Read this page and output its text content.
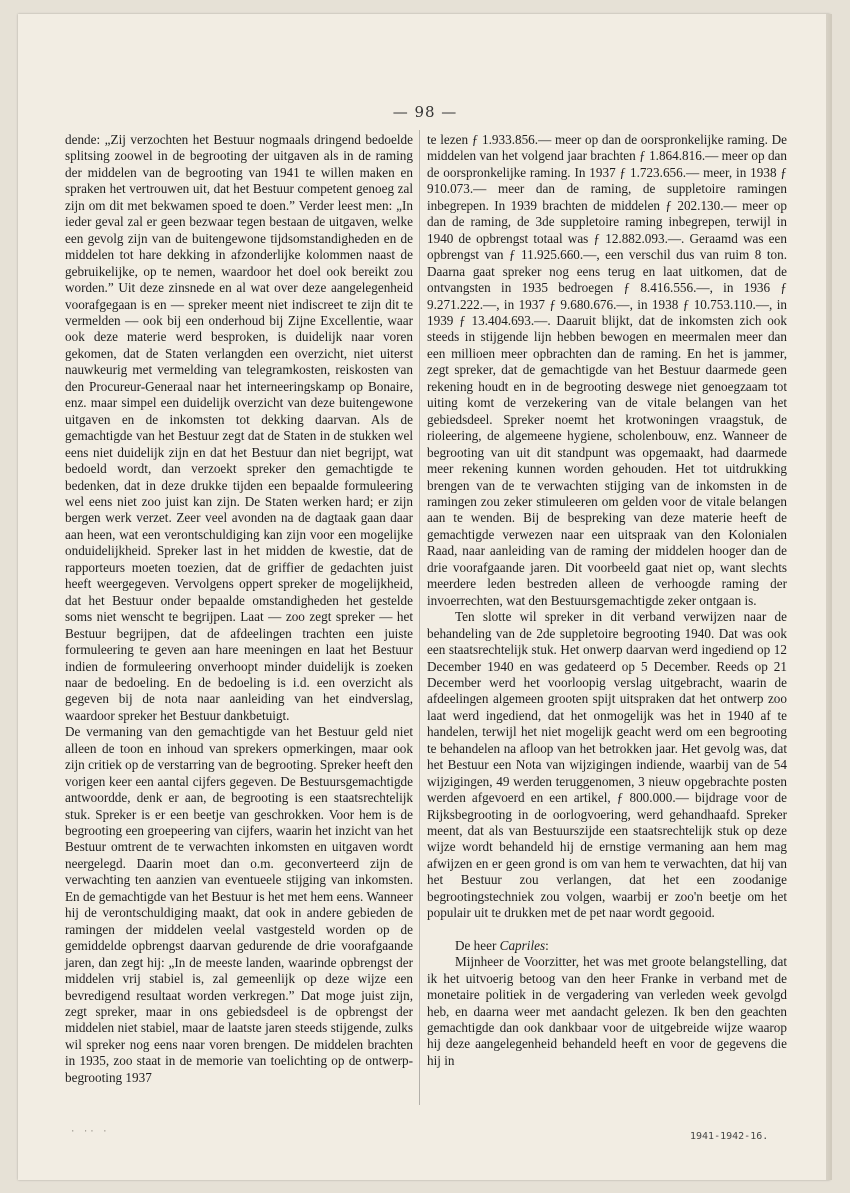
— 98 —

dende: „Zij verzochten het Bestuur nogmaals dringend bedoelde splitsing zoowel in de begrooting der uitgaven als in de raming der middelen van de begrooting van 1941 te willen maken en spraken het vertrouwen uit, dat het Bestuur competent genoeg zal zijn om dit met bekwamen spoed te doen.” Verder leest men: „In ieder geval zal er geen bezwaar tegen bestaan de uitgaven, welke een gevolg zijn van de buitengewone tijdsomstandigheden en de middelen tot hare dekking in afzonderlijke kolommen naast de gebruikelijke, op te nemen, waardoor het doel ook bereikt zou worden.” Uit deze zinsnede en al wat over deze aangelegenheid voorafgegaan is en — spreker meent niet indiscreet te zijn dit te vermelden — ook bij een onderhoud bij Zijne Excellentie, waar ook deze materie werd besproken, is duidelijk naar voren gekomen, dat de Staten verlangden een overzicht, niet uiterst nauwkeurig met vermelding van telegramkosten, reiskosten van den Procureur-Generaal naar het interneeringskamp op Bonaire, enz. maar simpel een duidelijk overzicht van deze buitengewone uitgaven en de inkomsten tot dekking daarvan. Als de gemachtigde van het Bestuur zegt dat de Staten in de stukken wel eens niet duidelijk zijn en dat het Bestuur dan niet begrijpt, wat bedoeld wordt, dan verzoekt spreker den gemachtigde te bedenken, dat in deze drukke tijden een bepaalde formuleering wel eens niet zoo juist kan zijn. De Staten werken hard; er zijn bergen werk verzet. Zeer veel avonden na de dagtaak gaan daar aan heen, wat een verontschuldiging kan zijn voor een mogelijke onduidelijkheid. Spreker last in het midden de kwestie, dat de rapporteurs moeten toezien, dat de griffier de gedachten juist heeft weergegeven. Vervolgens oppert spreker de mogelijkheid, dat het Bestuur onder bepaalde omstandigheden het gestelde soms niet wenscht te begrijpen. Laat — zoo zegt spreker — het Bestuur begrijpen, dat de afdeelingen trachten een juiste formuleering te geven aan hare meeningen en laat het Bestuur indien de formuleering onverhoopt minder duidelijk is zoeken naar de bedoeling. En de bedoeling is i.d. een overzicht als gegeven bij de nota naar aanleiding van het eindverslag, waardoor spreker het Bestuur dankbetuigt.

De vermaning van den gemachtigde van het Bestuur geld niet alleen de toon en inhoud van sprekers opmerkingen, maar ook zijn critiek op de verstarring van de begrooting. Spreker heeft den vorigen keer een aantal cijfers gegeven. De Bestuursgemachtigde antwoordde, denk er aan, de begrooting is een staatsrechtelijk stuk. Spreker is er een beetje van geschrokken. Voor hem is de begrooting een groepeering van cijfers, waarin het inzicht van het Bestuur omtrent de te verwachten inkomsten en uitgaven wordt neergelegd. Daarin moet dan o.m. geconverteerd zijn de verwachting ten aanzien van eventueele stijging van inkomsten. En de gemachtigde van het Bestuur is het met hem eens. Wanneer hij de verontschuldiging maakt, dat ook in andere gebieden de ramingen der middelen veelal vastgesteld worden op de gemiddelde opbrengst daarvan gedurende de drie voorafgaande jaren, dan zegt hij: „In de meeste landen, waarinde opbrengst der middelen vrij stabiel is, zal gemeenlijk op deze wijze een bevredigend resultaat worden verkregen.” Dat moge juist zijn, zegt spreker, maar in ons gebiedsdeel is de opbrengst der middelen niet stabiel, maar de laatste jaren steeds stijgende, zulks wil spreker nog eens naar voren brengen. De middelen brachten in 1935, zoo staat in de memorie van toelichting op de ontwerp-begrooting 1937

te lezen ƒ 1.933.856.— meer op dan de oorspronkelijke raming. De middelen van het volgend jaar brachten ƒ 1.864.816.— meer op dan de oorspronkelijke raming. In 1937 ƒ 1.723.656.— meer, in 1938 ƒ 910.073.— meer dan de raming, de suppletoire ramingen inbegrepen. In 1939 brachten de middelen ƒ 202.130.— meer op dan de raming, de 3de suppletoire raming inbegrepen, terwijl in 1940 de opbrengst totaal was ƒ 12.882.093.—. Geraamd was een opbrengst van ƒ 11.925.660.—, een verschil dus van ruim 8 ton. Daarna gaat spreker nog eens terug en laat uitkomen, dat de ontvangsten in 1935 bedroegen ƒ 8.416.556.—, in 1936 ƒ 9.271.222.—, in 1937 ƒ 9.680.676.—, in 1938 ƒ 10.753.110.—, in 1939 ƒ 13.404.693.—. Daaruit blijkt, dat de inkomsten zich ook steeds in stijgende lijn hebben bewogen en meermalen meer dan een millioen meer opbrachten dan de raming. En het is jammer, zegt spreker, dat de gemachtigde van het Bestuur daarmede geen rekening houdt en in de begrooting deswege niet genoegzaam tot uiting komt de verzekering van de vitale belangen van het gebiedsdeel. Spreker noemt het krotwoningen vraagstuk, de rioleering, de algemeene hygiene, scholenbouw, enz. Wanneer de begrooting van uit dit standpunt was opgemaakt, had daarmede meer rekening kunnen worden gehouden. Het tot uitdrukking brengen van de te verwachten stijging van de inkomsten in de ramingen zou zeker stimuleeren om gelden voor de vitale belangen aan te wenden. Bij de bespreking van deze materie heeft de gemachtigde verwezen naar een uitspraak van den Kolonialen Raad, naar aanleiding van de raming der middelen hooger dan de drie voorafgaande jaren. Dit voorbeeld gaat niet op, want slechts meerdere leden bestreden alleen de verhoogde raming der invoerrechten, wat den Bestuursgemachtigde zeker ontgaan is.

Ten slotte wil spreker in dit verband verwijzen naar de behandeling van de 2de suppletoire begrooting 1940. Dat was ook een staatsrechtelijk stuk. Het onwerp daarvan werd ingediend op 12 December 1940 en was gedateerd op 5 December. Reeds op 21 December werd het voorloopig verslag uitgebracht, waarin de afdeelingen algemeen grooten spijt uitspraken dat het ontwerp zoo laat werd ingediend, dat het onmogelijk was het in 1940 af te handelen, terwijl het niet mogelijk geacht werd om een begrooting te behandelen na afloop van het betrokken jaar. Het gevolg was, dat het Bestuur een Nota van wijzigingen indiende, waarbij van de 54 wijzigingen, 49 werden teruggenomen, 3 nieuw opgebrachte posten werden afgevoerd en een artikel, ƒ 800.000.— bijdrage voor de Rijksbegrooting in de oorlogvoering, werd gehandhaafd. Spreker meent, dat als van Bestuurszijde een staatsrechtelijk stuk op deze wijze wordt behandeld hij de ernstige vermaning aan hem mag afwijzen en er geen grond is om van hem te verwachten, dat hij van het Bestuur zou verlangen, dat het een zoodanige begrootingstechniek zou volgen, waarbij er zoo'n beetje om het populair uit te drukken met de pet naar wordt gegooid.

De heer Capriles:

Mijnheer de Voorzitter, het was met groote belangstelling, dat ik het uitvoerig betoog van den heer Franke in verband met de monetaire politiek in de vergadering van verleden week gevolgd heb, en daarna weer met aandacht gelezen. Ik ben den geachten gemachtigde dan ook dankbaar voor de uitgebreide wijze waarop hij deze aangelegenheid behandeld heeft en voor de gegevens die hij in

· ·· ·	1941-1942-16.
